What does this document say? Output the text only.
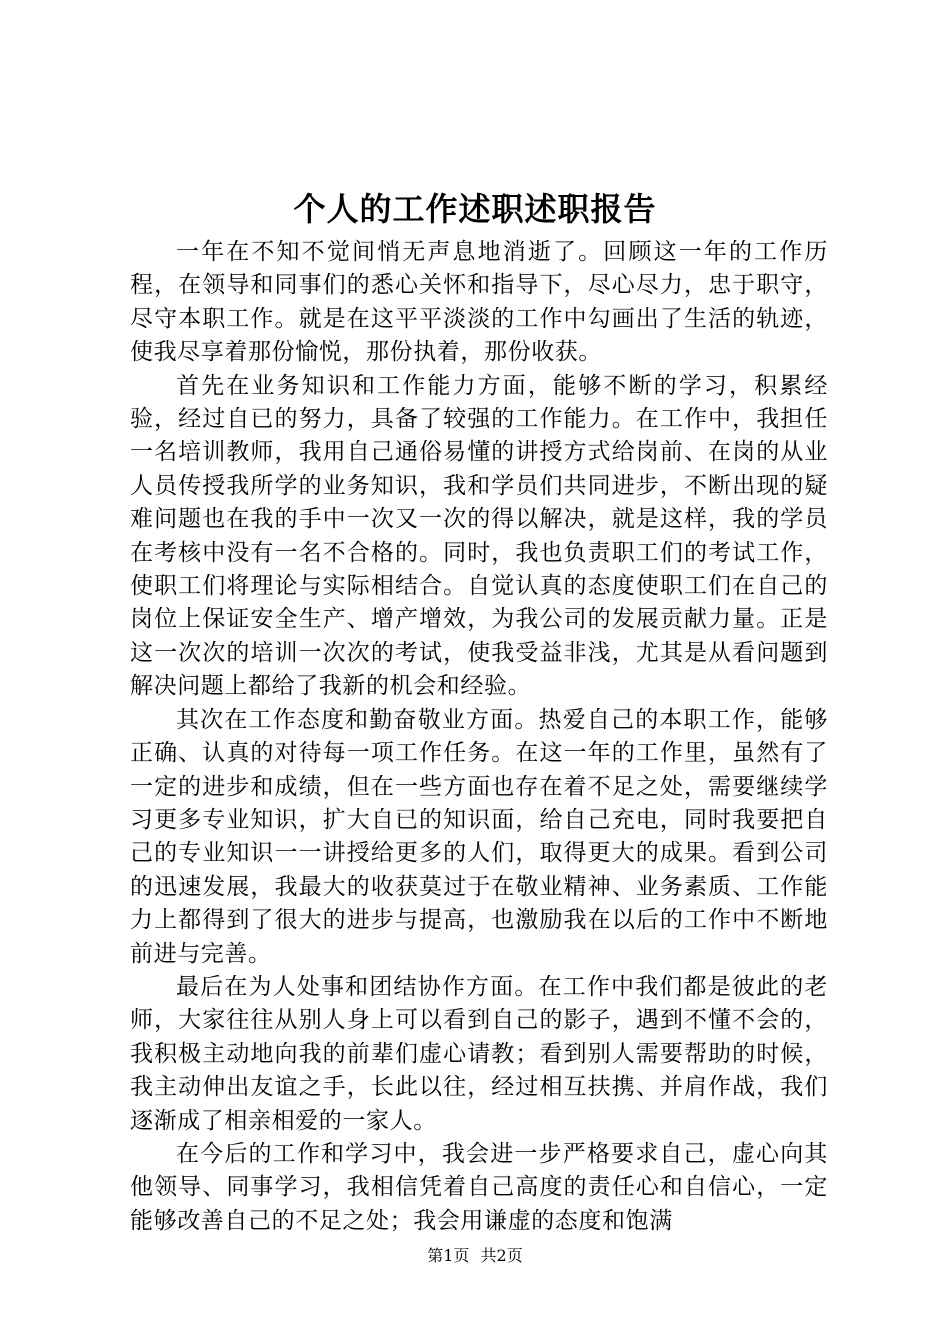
个人的工作述职述职报告

一年在不知不觉间悄无声息地消逝了。回顾这一年的工作历程，在领导和同事们的悉心关怀和指导下，尽心尽力，忠于职守，尽守本职工作。就是在这平平淡淡的工作中勾画出了生活的轨迹，使我尽享着那份愉悦，那份执着，那份收获。

首先在业务知识和工作能力方面，能够不断的学习，积累经验，经过自已的努力，具备了较强的工作能力。在工作中，我担任一名培训教师，我用自己通俗易懂的讲授方式给岗前、在岗的从业人员传授我所学的业务知识，我和学员们共同进步，不断出现的疑难问题也在我的手中一次又一次的得以解决，就是这样，我的学员在考核中没有一名不合格的。同时，我也负责职工们的考试工作，使职工们将理论与实际相结合。自觉认真的态度使职工们在自己的岗位上保证安全生产、增产增效，为我公司的发展贡献力量。正是这一次次的培训一次次的考试，使我受益非浅，尤其是从看问题到解决问题上都给了我新的机会和经验。

其次在工作态度和勤奋敬业方面。热爱自己的本职工作，能够正确、认真的对待每一项工作任务。在这一年的工作里，虽然有了一定的进步和成绩，但在一些方面也存在着不足之处，需要继续学习更多专业知识，扩大自已的知识面，给自己充电，同时我要把自己的专业知识一一讲授给更多的人们，取得更大的成果。看到公司的迅速发展，我最大的收获莫过于在敬业精神、业务素质、工作能力上都得到了很大的进步与提高，也激励我在以后的工作中不断地前进与完善。

最后在为人处事和团结协作方面。在工作中我们都是彼此的老师，大家往往从别人身上可以看到自己的影子，遇到不懂不会的，我积极主动地向我的前辈们虚心请教；看到别人需要帮助的时候，我主动伸出友谊之手，长此以往，经过相互扶携、并肩作战，我们逐渐成了相亲相爱的一家人。

在今后的工作和学习中，我会进一步严格要求自己，虚心向其他领导、同事学习，我相信凭着自己高度的责任心和自信心，一定能够改善自己的不足之处；我会用谦虚的态度和饱满

第1页 共2页
